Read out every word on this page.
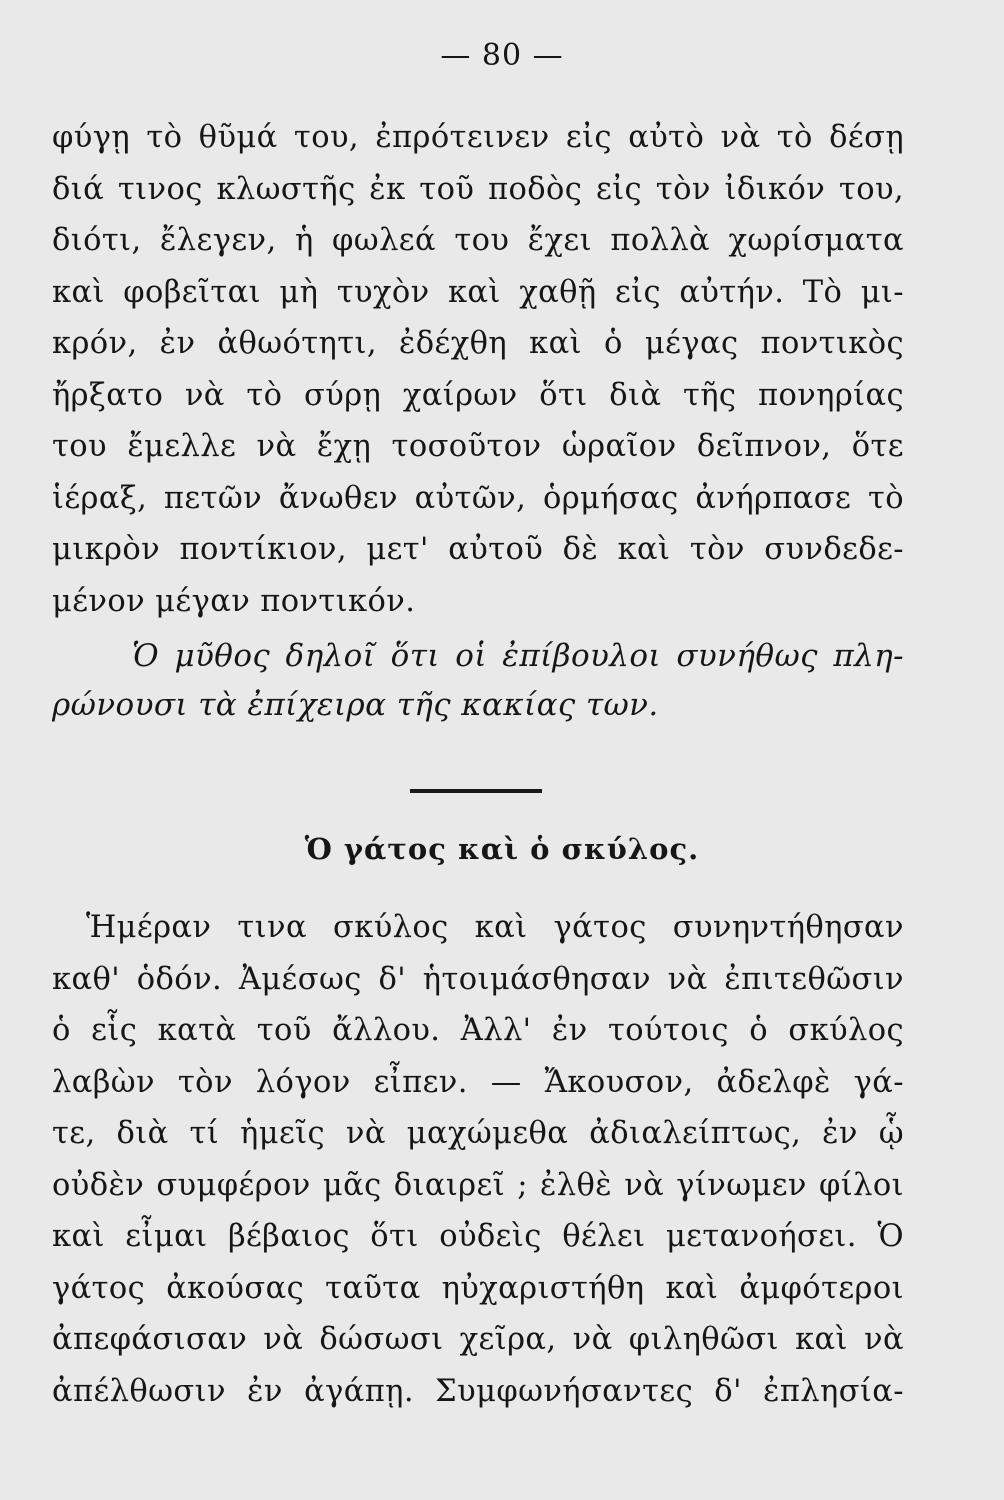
— 80 —
φύγῃ τὸ θῦμά του, ἐπρότεινεν εἰς αὐτὸ νὰ τὸ δέσῃ
διά τινος κλωστῆς ἐκ τοῦ ποδὸς εἰς τὸν ἰδικόν του,
διότι, ἔλεγεν, ἡ φωλεά του ἔχει πολλὰ χωρίσματα
καὶ φοβεῖται μὴ τυχὸν καὶ χαθῇ εἰς αὐτήν. Τὸ μι-
κρόν, ἐν ἀθωότητι, ἐδέχθη καὶ ὁ μέγας ποντικὸς
ἤρξατο νὰ τὸ σύρῃ χαίρων ὅτι διὰ τῆς πονηρίας
του ἔμελλε νὰ ἔχῃ τοσοῦτον ὡραῖον δεῖπνον, ὅτε
ἱέραξ, πετῶν ἄνωθεν αὐτῶν, ὁρμήσας ἀνήρπασε τὸ
μικρὸν ποντίκιον, μετ' αὐτοῦ δὲ καὶ τὸν συνδεδε-
μένον μέγαν ποντικόν.
Ὁ μῦθος δηλοῖ ὅτι οἱ ἐπίβουλοι συνήθως πλη-
ρώνουσι τὰ ἐπίχειρα τῆς κακίας των.
Ὁ γάτος καὶ ὁ σκύλος.
Ἡμέραν τινα σκύλος καὶ γάτος συνηντήθησαν
καθ' ὁδόν. Ἀμέσως δ' ἡτοιμάσθησαν νὰ ἐπιτεθῶσιν
ὁ εἷς κατὰ τοῦ ἄλλου. Ἀλλ' ἐν τούτοις ὁ σκύλος
λαβὼν τὸν λόγον εἶπεν. — Ἄκουσον, ἀδελφὲ γά-
τε, διὰ τί ἡμεῖς νὰ μαχώμεθα ἀδιαλείπτως, ἐν ᾧ
οὐδὲν συμφέρον μᾶς διαιρεῖ ; ἐλθὲ νὰ γίνωμεν φίλοι
καὶ εἶμαι βέβαιος ὅτι οὐδεὶς θέλει μετανοήσει. Ὁ
γάτος ἀκούσας ταῦτα ηὐχαριστήθη καὶ ἀμφότεροι
ἀπεφάσισαν νὰ δώσωσι χεῖρα, νὰ φιληθῶσι καὶ νὰ
ἀπέλθωσιν ἐν ἀγάπῃ. Συμφωνήσαντες δ' ἐπλησία-
